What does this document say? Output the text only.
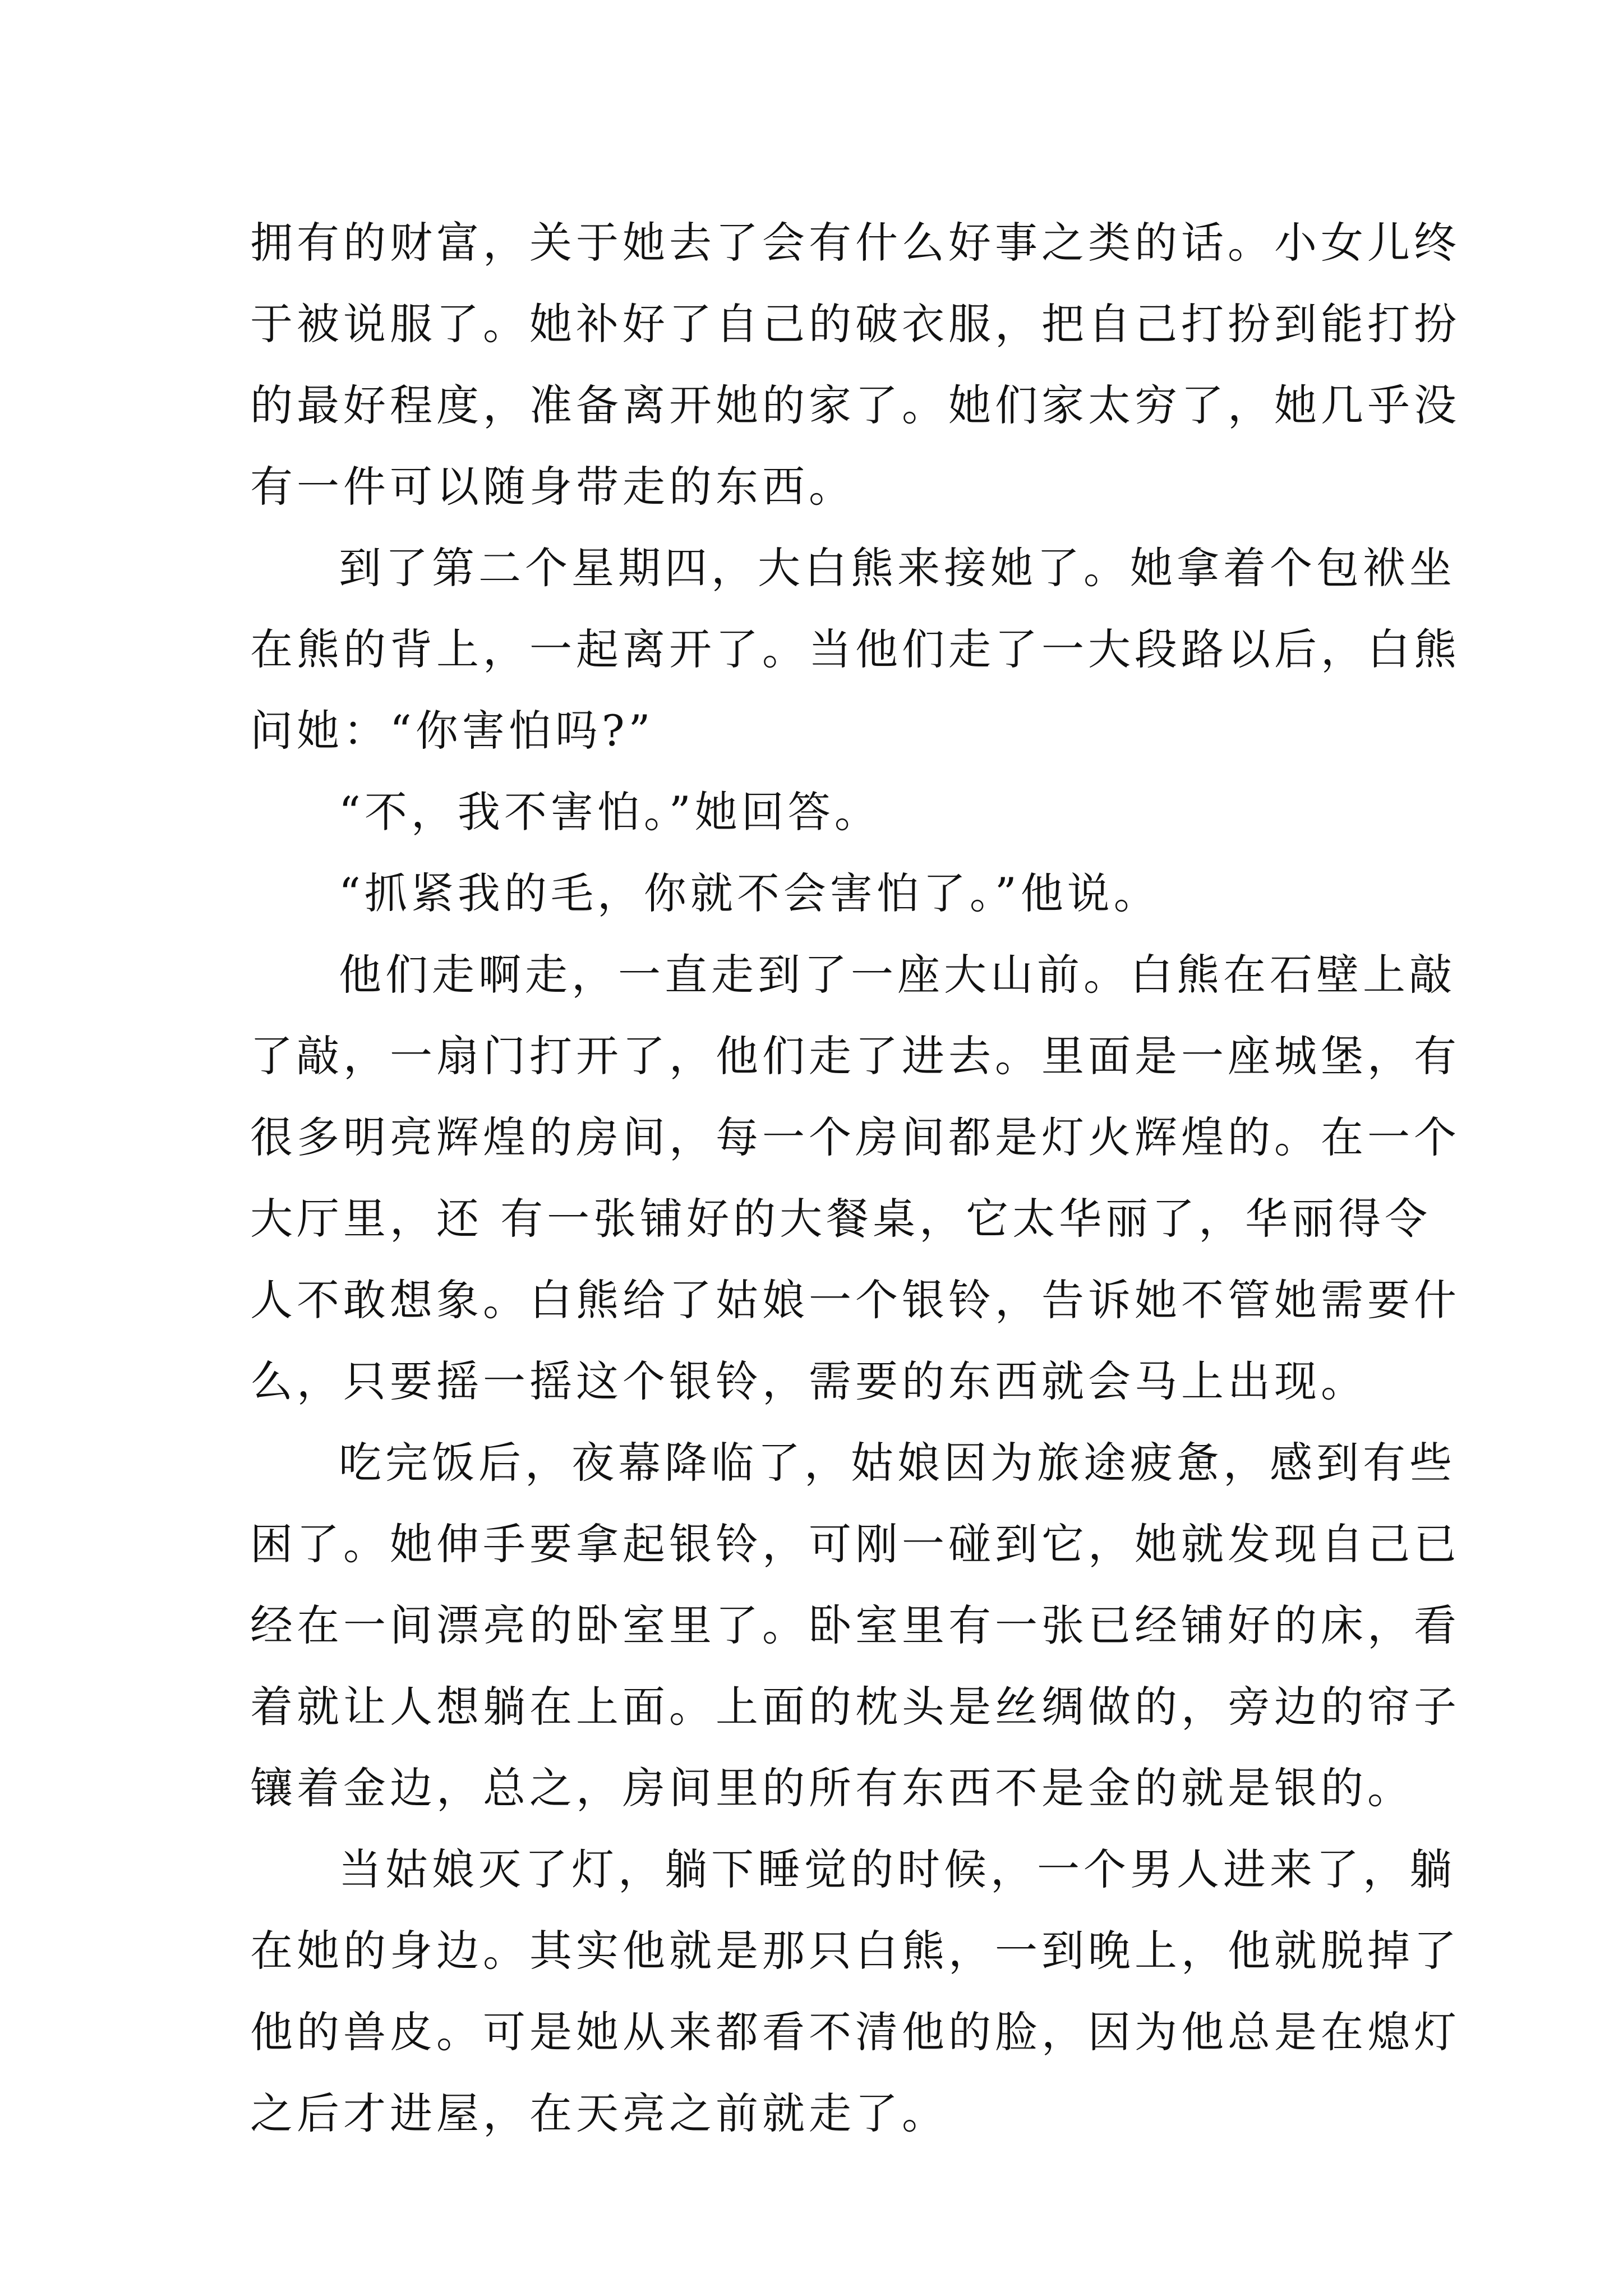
拥有的财富，关于她去了会有什么好事之类的话。小女儿终

于被说服了。她补好了自己的破衣服，把自己打扮到能打扮

的最好程度，准备离开她的家了。她们家太穷了，她几乎没

有一件可以随身带走的东西。

到了第二个星期四，大白熊来接她了。她拿着个包袱坐

在熊的背上，一起离开了。当他们走了一大段路以后，白熊

问她：“你害怕吗?”

“不，我不害怕。”她回答。

“抓紧我的毛，你就不会害怕了。”他说。

他们走啊走，一直走到了一座大山前。白熊在石壁上敲

了敲，一扇门打开了，他们走了进去。里面是一座城堡，有

很多明亮辉煌的房间，每一个房间都是灯火辉煌的。在一个

大厅里，还 有一张铺好的大餐桌，它太华丽了，华丽得令

人不敢想象。白熊给了姑娘一个银铃，告诉她不管她需要什

么，只要摇一摇这个银铃，需要的东西就会马上出现。

吃完饭后，夜幕降临了，姑娘因为旅途疲惫，感到有些

困了。她伸手要拿起银铃，可刚一碰到它，她就发现自己已

经在一间漂亮的卧室里了。卧室里有一张已经铺好的床，看

着就让人想躺在上面。上面的枕头是丝绸做的，旁边的帘子

镶着金边，总之，房间里的所有东西不是金的就是银的。

当姑娘灭了灯，躺下睡觉的时候，一个男人进来了，躺

在她的身边。其实他就是那只白熊，一到晚上，他就脱掉了

他的兽皮。可是她从来都看不清他的脸，因为他总是在熄灯

之后才进屋，在天亮之前就走了。
